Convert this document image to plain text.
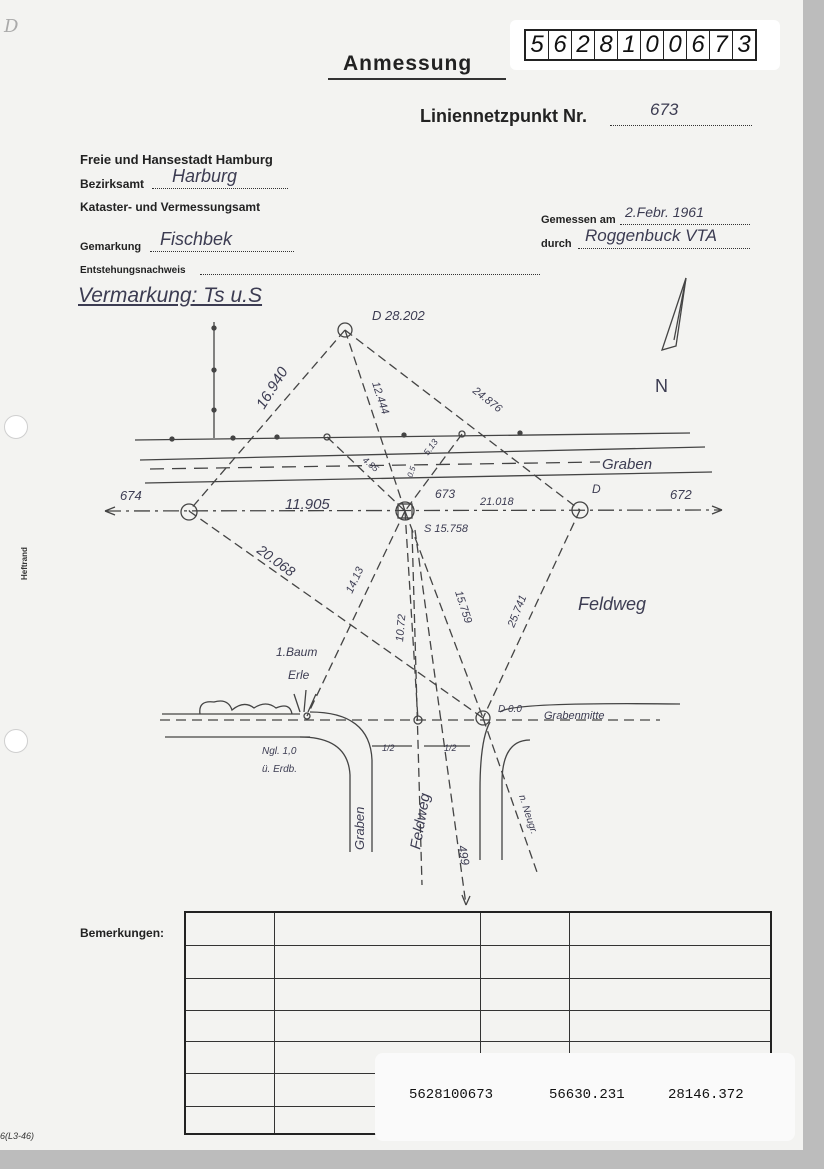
D
Anmessung
5 6 2 8 1 0 0 6 7 3
Liniennetzpunkt Nr.	673
Freie und Hansestadt Hamburg
Bezirksamt Harburg
Kataster- und Vermessungsamt
Gemessen am 2.Febr. 1961
durch Roggenbuck VTA
Gemarkung Fischbek
Entstehungsnachweis
Vermarkung: Ts u.S
Heftrand
D 28.202
674	673	D	672
S 15.758
D 0.0
16.940	12.444	24.876
4.85
5.13
0.5
11.905	21.018
20.068
14.13
10.72
15.759	25.741
Graben
Feldweg
1.Baum
Erle
Grabenmitte
1/2	1/2
Ngl. 1,0
ü. Erdb.
Graben	Feldweg
499
n. Neugr.
N
Bemerkungen:
6(L3-46)
5628100673	56630.231	28146.372
